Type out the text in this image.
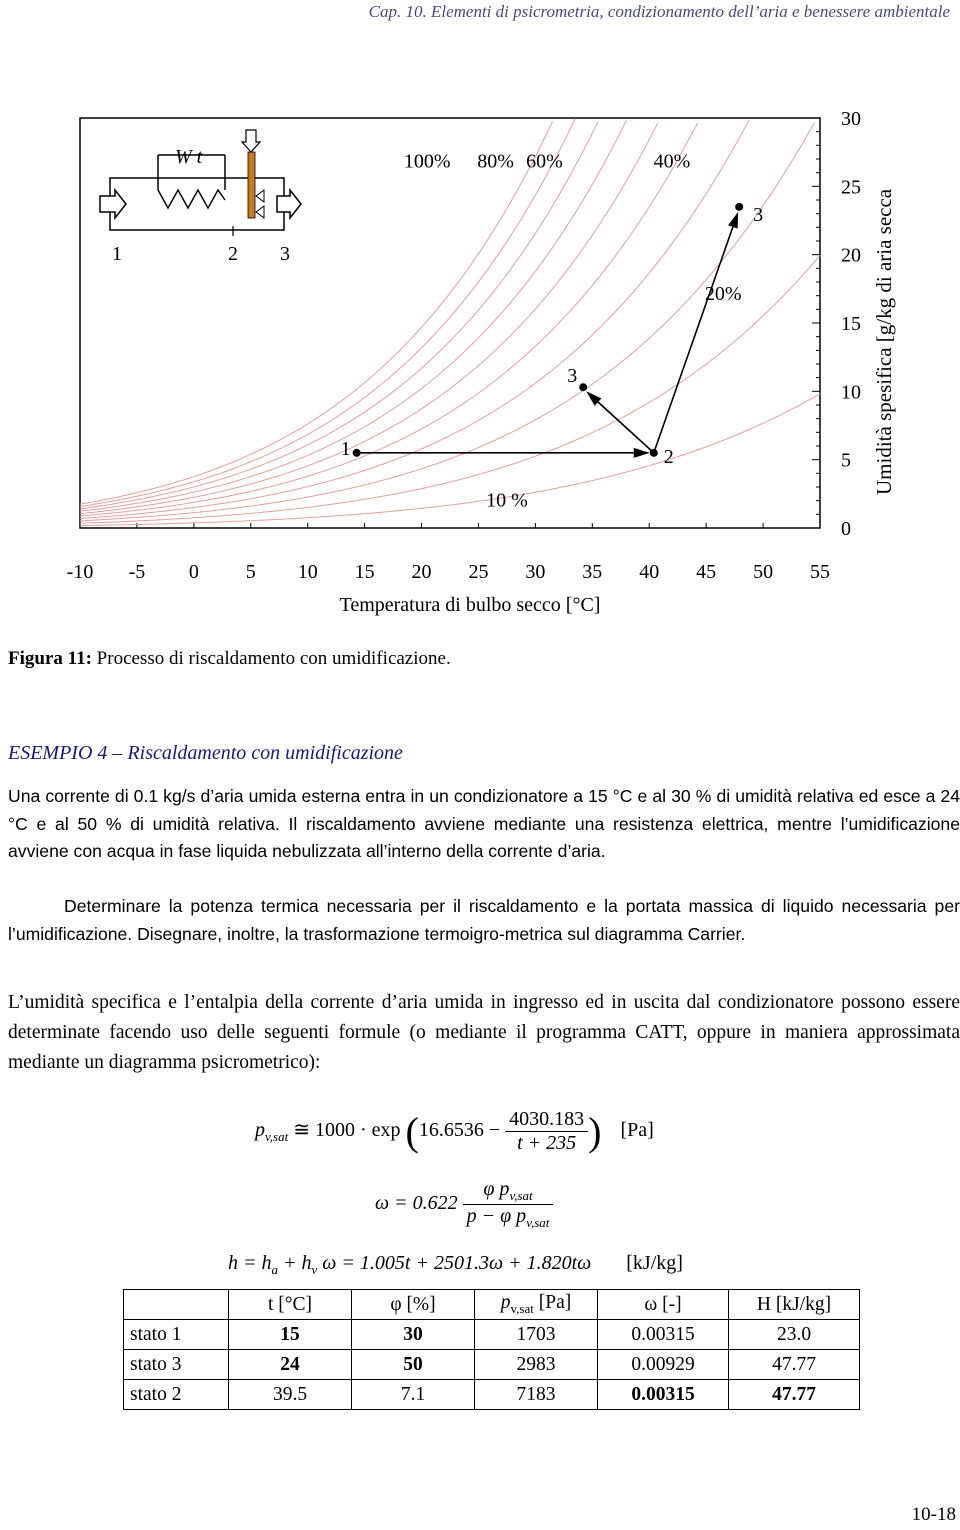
Cap. 10. Elementi di psicrometria, condizionamento dell’aria e benessere ambientale
-10 -5 0 5 10 15 20 25 30 35 40 45 50 55
0
5
10
15
20
25
30
100% 80% 60%	40%
20%
10 %
W t
1	2 3
1	2
3
3
Temperatura di bulbo secco [°C]
Umidità spesifica [g/kg di aria secca
Figura 11: Processo di riscaldamento con umidificazione.
ESEMPIO 4 – Riscaldamento con umidificazione

Una corrente di 0.1 kg/s d’aria umida esterna entra in un condizionatore a 15 °C e al 30 % di umidità relativa ed esce a 24 °C e al 50 % di umidità relativa. Il riscaldamento avviene mediante una resistenza elettrica, mentre l’umidificazione avviene con acqua in fase liquida nebulizzata all’interno della corrente d’aria.

Determinare la potenza termica necessaria per il riscaldamento e la portata massica di liquido necessaria per l’umidificazione. Disegnare, inoltre, la trasformazione termoigro-metrica sul diagramma Carrier.

L’umidità specifica e l’entalpia della corrente d’aria umida in ingresso ed in uscita dal condizionatore possono essere determinate facendo uso delle seguenti formule (o mediante il programma CATT, oppure in maniera approssimata mediante un diagramma psicrometrico):

$p_{v,sat}$ ≅ $1000 \cdot \exp (16.6536 - \frac{4030.183}{t + 235}$ ) [Pa]
$\omega = 0.622 \frac{\varphi p_{v,sat}}{p - \varphi p_{v,sat}}$
$h = h_a + h_v$ ω = 1.005t + 2501.3ω + 1.820tω [kJ/kg]
	t [°C]	φ [%]	$p_{v,sat}$ [Pa]	ω [-]	H [kJ/kg]
stato 1	15	30	1703	0.00315	23.0
stato 3	24	50	2983	0.00929	47.77
stato 2	39.5	7.1	7183	0.00315	47.77
10-18
